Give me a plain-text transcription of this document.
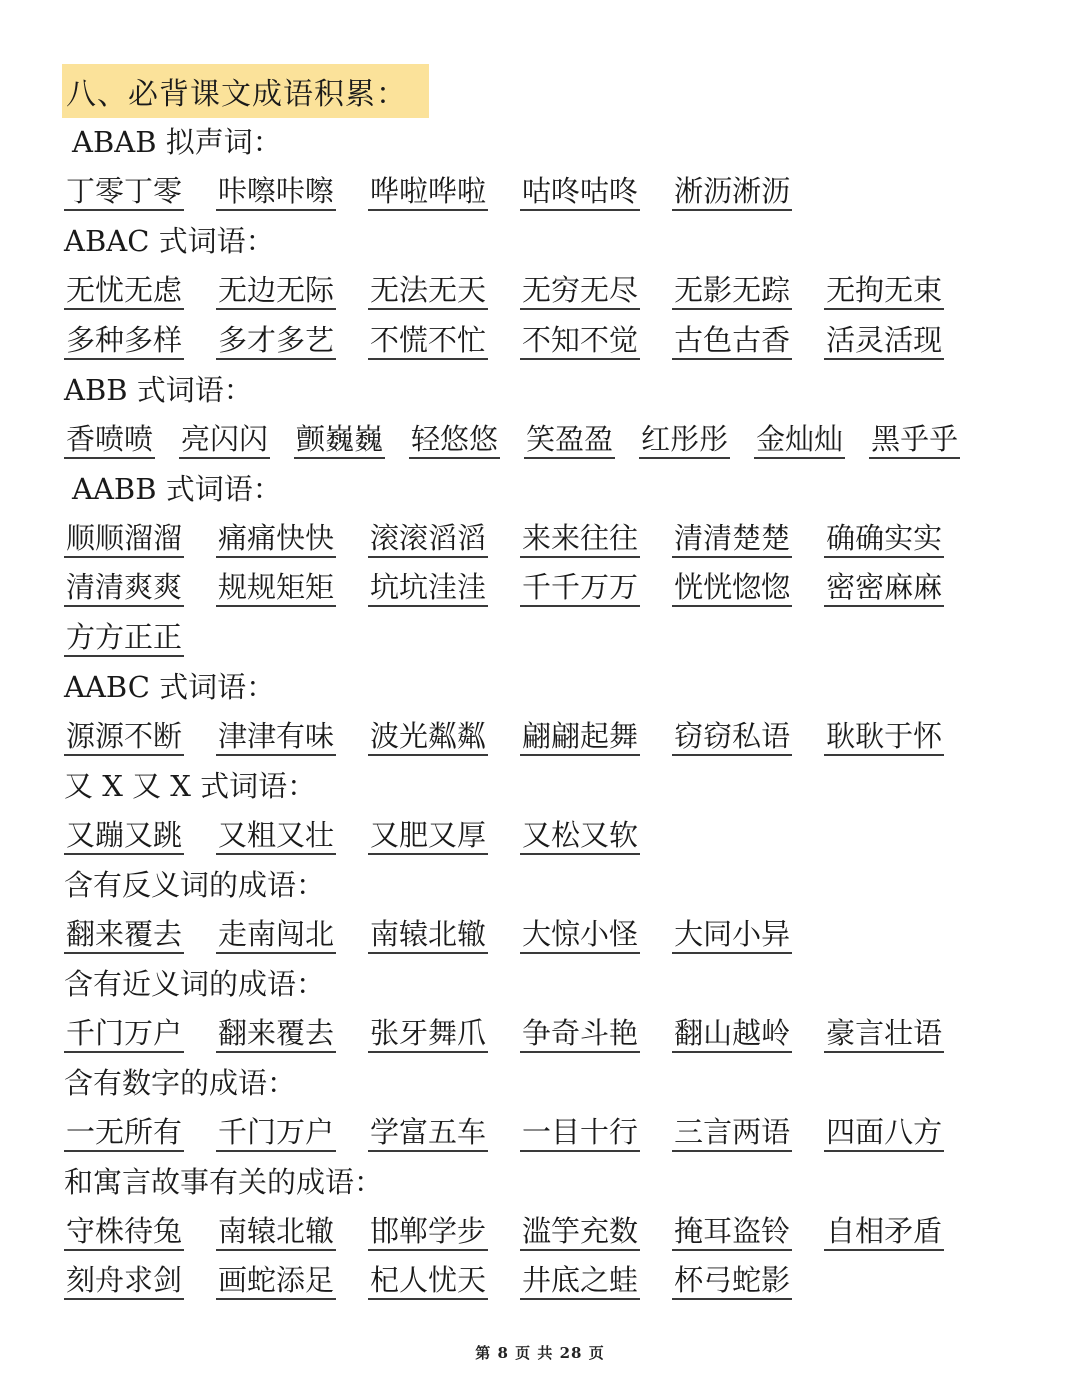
八、必背课文成语积累：
ABAB 拟声词：
丁零丁零 咔嚓咔嚓 哗啦哗啦 咕咚咕咚 淅沥淅沥
ABAC 式词语：
无忧无虑 无边无际 无法无天 无穷无尽 无影无踪 无拘无束
多种多样 多才多艺 不慌不忙 不知不觉 古色古香 活灵活现
ABB 式词语：
香喷喷 亮闪闪 颤巍巍 轻悠悠 笑盈盈 红彤彤 金灿灿 黑乎乎
AABB 式词语：
顺顺溜溜 痛痛快快 滚滚滔滔 来来往往 清清楚楚 确确实实
清清爽爽 规规矩矩 坑坑洼洼 千千万万 恍恍惚惚 密密麻麻
方方正正
AABC 式词语：
源源不断 津津有味 波光粼粼 翩翩起舞 窃窃私语 耿耿于怀
又 X 又 X 式词语：
又蹦又跳 又粗又壮 又肥又厚 又松又软
含有反义词的成语：
翻来覆去 走南闯北 南辕北辙 大惊小怪 大同小异
含有近义词的成语：
千门万户 翻来覆去 张牙舞爪 争奇斗艳 翻山越岭 豪言壮语
含有数字的成语：
一无所有 千门万户 学富五车 一目十行 三言两语 四面八方
和寓言故事有关的成语：
守株待兔 南辕北辙 邯郸学步 滥竽充数 掩耳盗铃 自相矛盾
刻舟求剑 画蛇添足 杞人忧天 井底之蛙 杯弓蛇影
第 8 页 共 28 页
